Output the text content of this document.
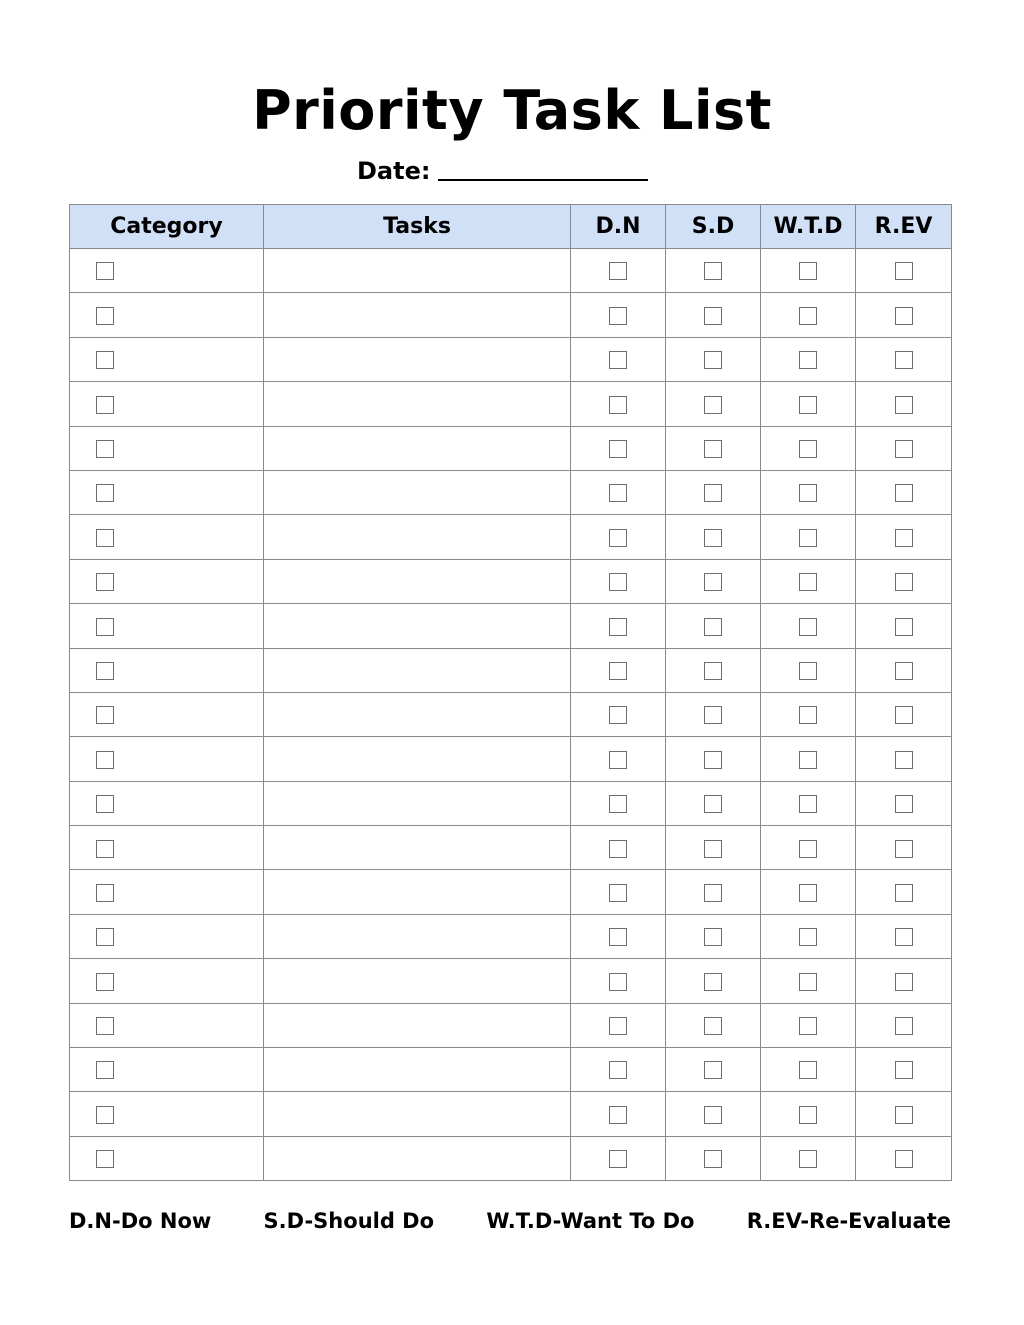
Priority Task List
Date:
Category	Tasks	D.N	S.D	W.T.D	R.EV

D.N-Do Now S.D-Should Do W.T.D-Want To Do R.EV-Re-Evaluate
